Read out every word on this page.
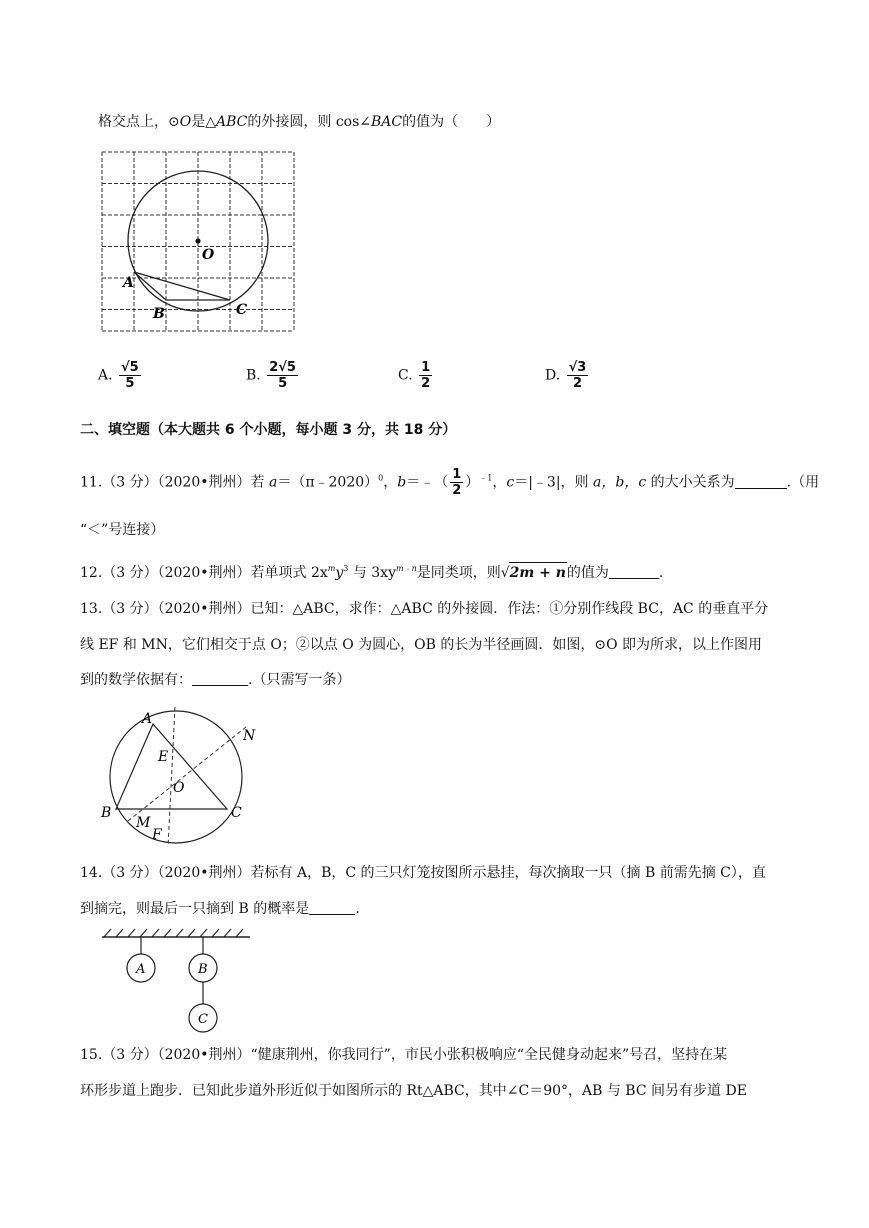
格交点上，⊙O是△ABC的外接圆，则 cos∠BAC的值为（　　）
O
A
B	C
A. $\frac{√5}{5}$	B. $\frac{2√5}{5}$	C. $\frac{1}{2}$	D. $\frac{√3}{2}$
二、填空题（本大题共 6 个小题，每小题 3 分，共 18 分）
11.（3 分）（2020•荆州）若 a＝（π﹣2020）$^0$，b＝﹣（ $\frac{1}{2} )^{﹣1}$，c＝|﹣3|，则 a，b，c 的大小关系为	.（用
“＜”号连接）
12.（3 分）（2020•荆州）若单项式 $2x^my^3$ 与 $3xy^{m﹣n}$是同类项，则√2m + n的值为	.
13.（3 分）（2020•荆州）已知：△ABC，求作：△ABC 的外接圆．作法：①分别作线段 BC，AC 的垂直平分
线 EF 和 MN，它们相交于点 O；②以点 O 为圆心，OB 的长为半径画圆．如图，⊙O 即为所求，以上作图用
到的数学依据有：	.（只需写一条）
A
B	C
E
O
N
M
F
14.（3 分）（2020•荆州）若标有 A，B，C 的三只灯笼按图所示悬挂，每次摘取一只（摘 B 前需先摘 C），直
到摘完，则最后一只摘到 B 的概率是	.
A	B
C
15.（3 分）（2020•荆州）“健康荆州，你我同行”，市民小张积极响应“全民健身动起来”号召，坚持在某
环形步道上跑步．已知此步道外形近似于如图所示的 Rt△ABC，其中∠C＝90°，AB 与 BC 间另有步道 DE
